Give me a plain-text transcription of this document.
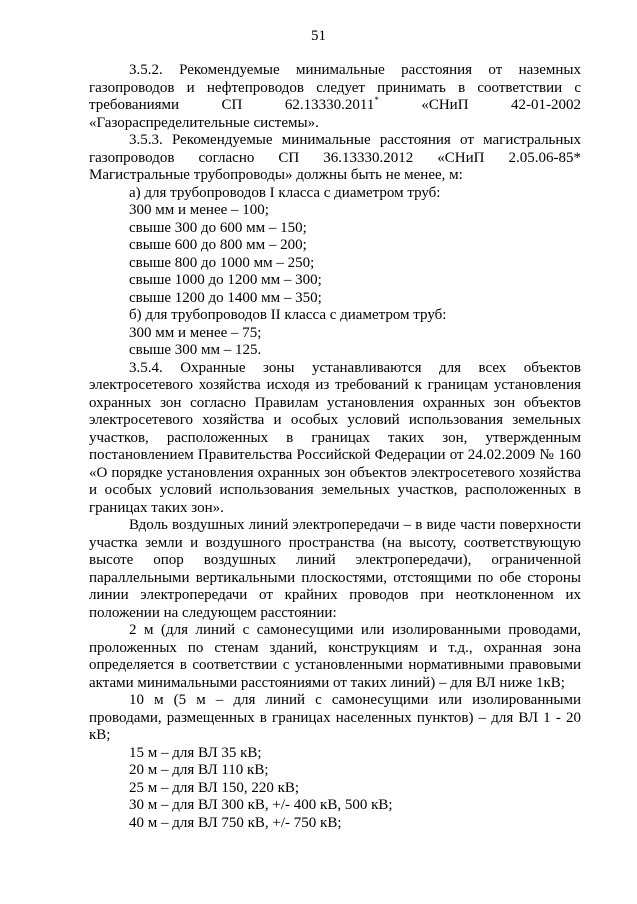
51

3.5.2. Рекомендуемые минимальные расстояния от наземных газопроводов и нефтепроводов следует принимать в соответствии с требованиями СП 62.13330.2011* «СНиП 42-01-2002 «Газораспределительные системы».

3.5.3. Рекомендуемые минимальные расстояния от магистральных газопроводов согласно СП 36.13330.2012 «СНиП 2.05.06-85* Магистральные трубопроводы» должны быть не менее, м:

а) для трубопроводов I класса с диаметром труб:

300 мм и менее – 100;

свыше 300 до 600 мм – 150;

свыше 600 до 800 мм – 200;

свыше 800 до 1000 мм – 250;

свыше 1000 до 1200 мм – 300;

свыше 1200 до 1400 мм – 350;

б) для трубопроводов II класса с диаметром труб:

300 мм и менее – 75;

свыше 300 мм – 125.

3.5.4. Охранные зоны устанавливаются для всех объектов электросетевого хозяйства исходя из требований к границам установления охранных зон согласно Правилам установления охранных зон объектов электросетевого хозяйства и особых условий использования земельных участков, расположенных в границах таких зон, утвержденным постановлением Правительства Российской Федерации от 24.02.2009 № 160 «О порядке установления охранных зон объектов электросетевого хозяйства и особых условий использования земельных участков, расположенных в границах таких зон».

Вдоль воздушных линий электропередачи – в виде части поверхности участка земли и воздушного пространства (на высоту, соответствующую высоте опор воздушных линий электропередачи), ограниченной параллельными вертикальными плоскостями, отстоящими по обе стороны линии электропередачи от крайних проводов при неотклоненном их положении на следующем расстоянии:

2 м (для линий с самонесущими или изолированными проводами, проложенных по стенам зданий, конструкциям и т.д., охранная зона определяется в соответствии с установленными нормативными правовыми актами минимальными расстояниями от таких линий) – для ВЛ ниже 1кВ;

10 м (5 м – для линий с самонесущими или изолированными проводами, размещенных в границах населенных пунктов) – для ВЛ 1 - 20 кВ;

15 м – для ВЛ 35 кВ;

20 м – для ВЛ 110 кВ;

25 м – для ВЛ 150, 220 кВ;

30 м – для ВЛ 300 кВ, +/- 400 кВ, 500 кВ;

40 м – для ВЛ 750 кВ, +/- 750 кВ;
